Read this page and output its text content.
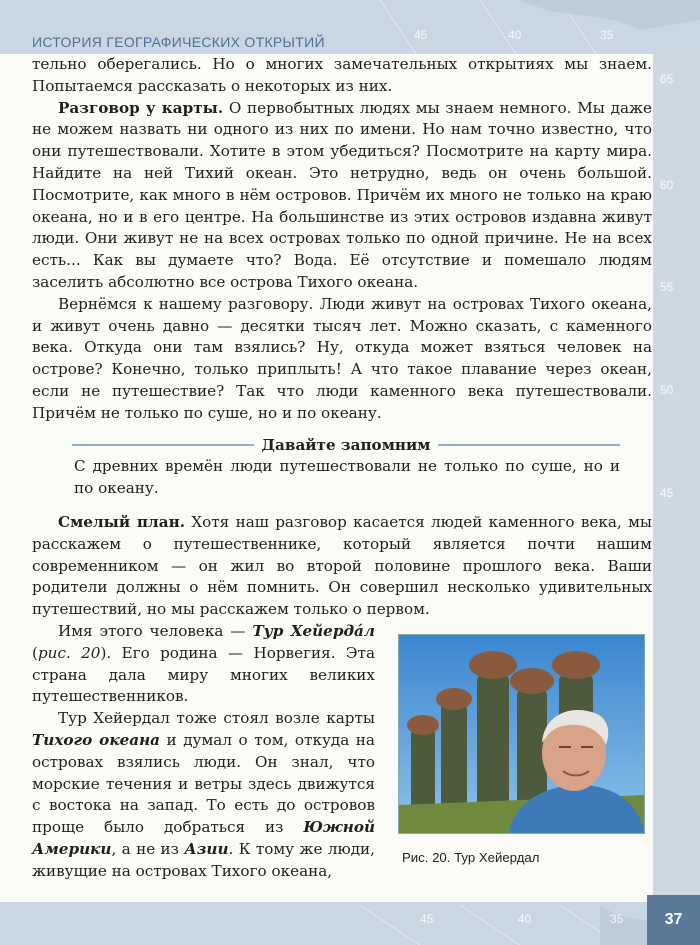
45	40	35
65
60
55
50
45
45	40	35
ИСТОРИЯ ГЕОГРАФИЧЕСКИХ ОТКРЫТИЙ

тельно оберегались. Но о многих замечательных открытиях мы знаем. Попытаемся рассказать о некоторых из них.

Разговор у карты. О первобытных людях мы знаем немного. Мы даже не можем назвать ни одного из них по имени. Но нам точно известно, что они путешествовали. Хотите в этом убедиться? Посмотрите на карту мира. Найдите на ней Тихий океан. Это нетрудно, ведь он очень большой. Посмотрите, как много в нём островов. Причём их много не только на краю океана, но и в его центре. На большинстве из этих островов издавна живут люди. Они живут не на всех островах только по одной причине. Не на всех есть... Как вы думаете что? Вода. Её отсутствие и помешало людям заселить абсолютно все острова Тихого океана.

Вернёмся к нашему разговору. Люди живут на островах Тихого океана, и живут очень давно — десятки тысяч лет. Можно сказать, с каменного века. Откуда они там взялись? Ну, откуда может взяться человек на острове? Конечно, только приплыть! А что такое плавание через океан, если не путешествие? Так что люди каменного века путешествовали. Причём не только по суше, но и по океану.

Давайте запомним

С древних времён люди путешествовали не только по суше, но и по океану.

Смелый план. Хотя наш разговор касается людей каменного века, мы расскажем о путешественнике, который является почти нашим современником — он жил во второй половине прошлого века. Ваши родители должны о нём помнить. Он совершил несколько удивительных путешествий, но мы расскажем только о первом.

Имя этого человека — Тур Хейердáл (рис. 20). Его родина — Норвегия. Эта страна дала миру многих великих путешественников.

Тур Хейердал тоже стоял возле карты Тихого океана и думал о том, откуда на островах взялись люди. Он знал, что морские течения и ветры здесь движутся с востока на запад. То есть до островов проще было добраться из Южной Америки, а не из Азии. К тому же люди, живущие на островах Тихого океана,

Рис. 20. Тур Хейердал
37
